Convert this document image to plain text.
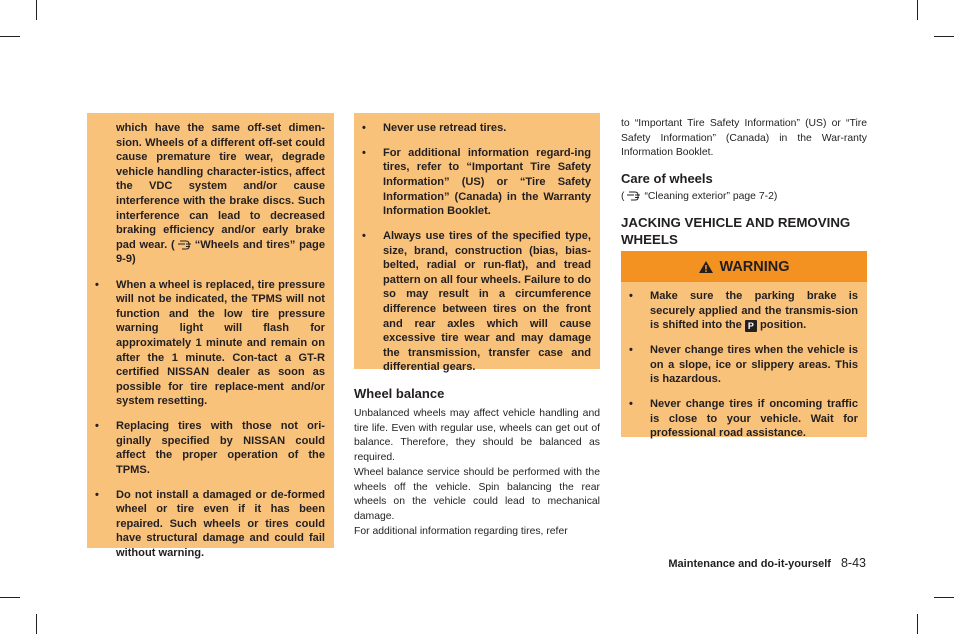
which have the same off-set dimen-sion. Wheels of a different off-set could cause premature tire wear, degrade vehicle handling character-istics, affect the VDC system and/or cause interference with the brake discs. Such interference can lead to decreased braking efficiency and/or early brake pad wear. ( “Wheels and tires” page 9-9)

• When a wheel is replaced, tire pressure will not be indicated, the TPMS will not function and the low tire pressure warning light will flash for approximately 1 minute and remain on after the 1 minute. Con-tact a GT-R certified NISSAN dealer as soon as possible for tire replace-ment and/or system resetting.
• Replacing tires with those not ori-ginally specified by NISSAN could affect the proper operation of the TPMS.
• Do not install a damaged or de-formed wheel or tire even if it has been repaired. Such wheels or tires could have structural damage and could fail without warning.
• Never use retread tires.
• For additional information regard-ing tires, refer to “Important Tire Safety Information” (US) or “Tire Safety Information” (Canada) in the Warranty Information Booklet.
• Always use tires of the specified type, size, brand, construction (bias, bias-belted, radial or run-flat), and tread pattern on all four wheels. Failure to do so may result in a circumference difference between tires on the front and rear axles which will cause excessive tire wear and may damage the transmission, transfer case and differential gears.

Wheel balance

Unbalanced wheels may affect vehicle handling and tire life. Even with regular use, wheels can get out of balance. Therefore, they should be balanced as required.

Wheel balance service should be performed with the wheels off the vehicle. Spin balancing the rear wheels on the vehicle could lead to mechanical damage.

For additional information regarding tires, refer

to “Important Tire Safety Information” (US) or “Tire Safety Information” (Canada) in the War-ranty Information Booklet.

Care of wheels

( “Cleaning exterior” page 7-2)

JACKING VEHICLE AND REMOVING WHEELS

WARNING
• Make sure the parking brake is securely applied and the transmis-sion is shifted into the P position.
• Never change tires when the vehicle is on a slope, ice or slippery areas. This is hazardous.
• Never change tires if oncoming traffic is close to your vehicle. Wait for professional road assistance.
Maintenance and do-it-yourself 8-43
